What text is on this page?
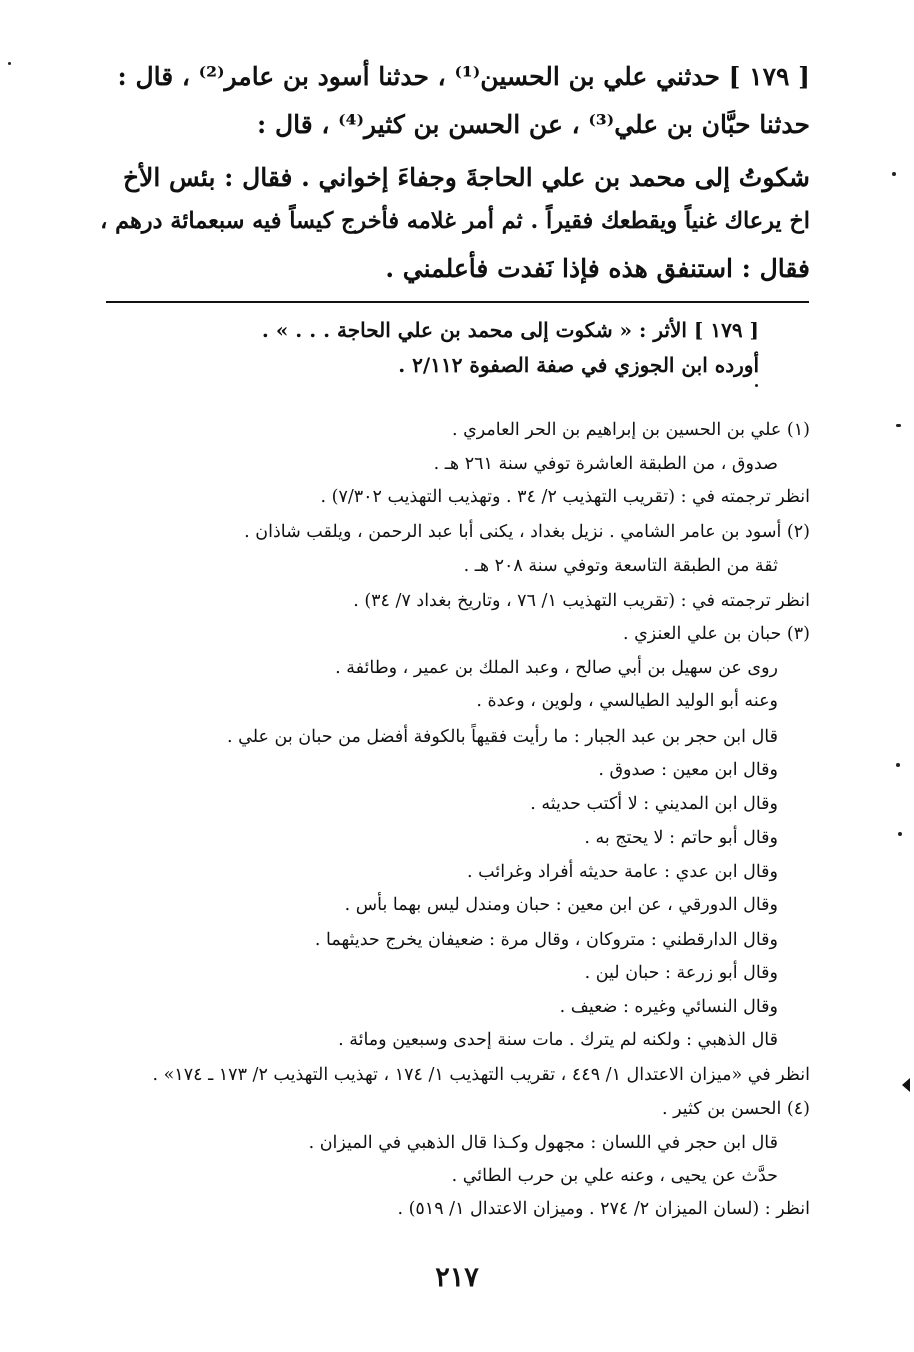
[ ١٧٩ ] حدثني علي بن الحسين⁽¹⁾ ، حدثنا أسود بن عامر⁽²⁾ ، قال :
حدثنا حبَّان بن علي⁽³⁾ ، عن الحسن بن كثير⁽⁴⁾ ، قال :
شكوتُ إلى محمد بن علي الحاجةَ وجفاءَ إخواني . فقال : بئس الأخ
اخ يرعاك غنياً ويقطعك فقيراً . ثم أمر غلامه فأخرج كيساً فيه سبعمائة درهم ،
فقال : استنفق هذه فإذا نَفدت فأعلمني .
[ ١٧٩ ] الأثر : « شكوت إلى محمد بن علي الحاجة . . . » .
أورده ابن الجوزي في صفة الصفوة ٢/١١٢ .
(١) علي بن الحسين بن إبراهيم بن الحر العامري .
صدوق ، من الطبقة العاشرة توفي سنة ٢٦١ هـ .
انظر ترجمته في : (تقريب التهذيب ٢/ ٣٤ . وتهذيب التهذيب ٧/٣٠٢) .
(٢) أسود بن عامر الشامي . نزيل بغداد ، يكنى أبا عبد الرحمن ، ويلقب شاذان .
ثقة من الطبقة التاسعة وتوفي سنة ٢٠٨ هـ .
انظر ترجمته في : (تقريب التهذيب ١/ ٧٦ ، وتاريخ بغداد ٧/ ٣٤) .
(٣) حبان بن علي العنزي .
روى عن سهيل بن أبي صالح ، وعبد الملك بن عمير ، وطائفة .
وعنه أبو الوليد الطيالسي ، ولوين ، وعدة .
قال ابن حجر بن عبد الجبار : ما رأيت فقيهاً بالكوفة أفضل من حبان بن علي .
وقال ابن معين : صدوق .
وقال ابن المديني : لا أكتب حديثه .
وقال أبو حاتم : لا يحتج به .
وقال ابن عدي : عامة حديثه أفراد وغرائب .
وقال الدورقي ، عن ابن معين : حبان ومندل ليس بهما بأس .
وقال الدارقطني : متروكان ، وقال مرة : ضعيفان يخرج حديثهما .
وقال أبو زرعة : حبان لين .
وقال النسائي وغيره : ضعيف .
قال الذهبي : ولكنه لم يترك . مات سنة إحدى وسبعين ومائة .
انظر في «ميزان الاعتدال ١/ ٤٤٩ ، تقريب التهذيب ١/ ١٧٤ ، تهذيب التهذيب ٢/ ١٧٣ ـ ١٧٤» .
(٤) الحسن بن كثير .
قال ابن حجر في اللسان : مجهول وكـذا قال الذهبي في الميزان .
حدَّث عن يحيى ، وعنه علي بن حرب الطائي .
انظر : (لسان الميزان ٢/ ٢٧٤ . وميزان الاعتدال ١/ ٥١٩) .
٢١٧
